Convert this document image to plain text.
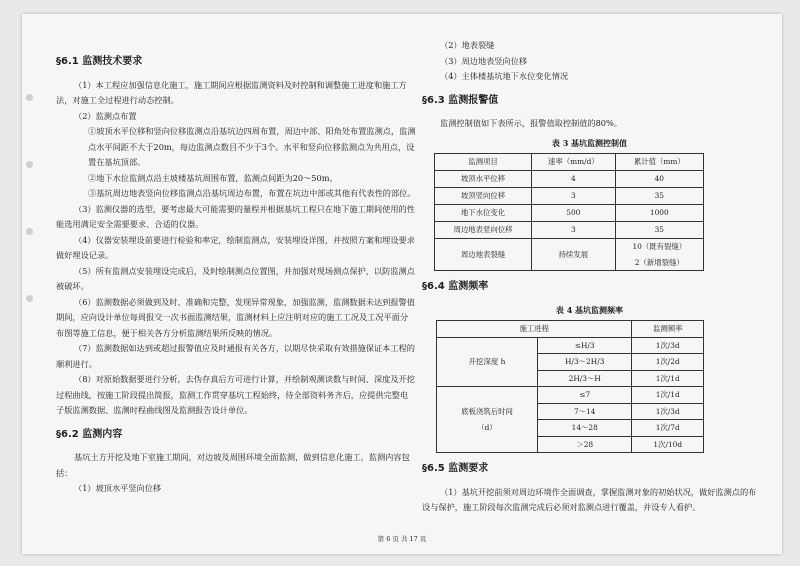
§6.1 监测技术要求

（1）本工程应加强信息化施工，施工期间应根据监测资料及时控制和调整施工进度和施工方法，对施工全过程进行动态控制。

（2）监测点布置

①坡顶水平位移和竖向位移监测点沿基坑边四周布置，周边中部、阳角处布置监测点，监测点水平间距不大于20m，每边监测点数目不少于3个。水平和竖向位移监测点为共用点，设置在基坑顶部。

②地下水位监测点沿主坡楼基坑周围布置，监测点间距为20～50m。

③基坑周边地表竖向位移监测点沿基坑周边布置，布置在坑边中部或其他有代表性的部位。

（3）监测仪器的选型，要考虑最大可能需要的量程并根据基坑工程只在地下施工期间使用的性能选用满足安全需要要求、合适的仪器。

（4）仪器安装埋设前要进行检验和率定，绘制监测点，安装埋设详图，并按照方案和埋设要求做好埋设记录。

（5）所有监测点安装埋设完成后，及时绘制测点位置图，并加强对现场测点保护，以防监测点被破坏。

（6）监测数据必须做到及时、准确和完整，发现异常现象，加强监测，监测数据未达到报警值期间，应向设计单位每周报交一次书面监测结果，监测材料上应注明对应的施工工况及工况平面分布图等施工信息，便于相关各方分析监测结果所反映的情况。

（7）监测数据如达到或超过报警值应及时通报有关各方，以期尽快采取有效措施保证本工程的顺利进行。

（8）对原始数据要进行分析，去伪存真后方可进行计算，并绘制观测读数与时间、深度及开挖过程曲线，按施工阶段提出简报，监测工作贯穿基坑工程始终，待全部资料务齐后，应提供完整电子版监测数据、监测时程曲线图及监测报告设计单位。

§6.2 监测内容

基坑土方开挖及地下室施工期间，对边坡及周围环境全面监测，做到信息化施工，监测内容包括：

（1）坡顶水平竖向位移

（2）地表裂缝

（3）周边地表竖向位移

（4）主体楼基坑地下水位变化情况

§6.3 监测报警值

监测控制值如下表所示，报警值取控制值的80%。

表 3 基坑监测控制值
监测项目	速率（mm/d）	累计值（mm）
坡顶水平位移	4	40
坡顶竖向位移	3	35
地下水位变化	500	1000
周边地表竖向位移	3	35
周边地表裂缝	持续发展	10（既有裂缝）
2（新增裂缝）
§6.4 监测频率
表 4 基坑监测频率
施工进程		监测频率
开挖深度 h	≤H/3	1次/3d
	H/3～2H/3	1次/2d
	2H/3～H	1次/1d

底板浇筑后时间
（d）	≤7	1次/1d
	7～14	1次/3d
	14～28	1次/7d
	＞28	1次/10d
§6.5 监测要求

（1）基坑开挖前须对周边环境作全面调查，掌握监测对象的初始状况，做好监测点的布设与保护，施工阶段每次监测完成后必须对监测点进行覆盖，并设专人看护。

第 6 页 共 17 页
